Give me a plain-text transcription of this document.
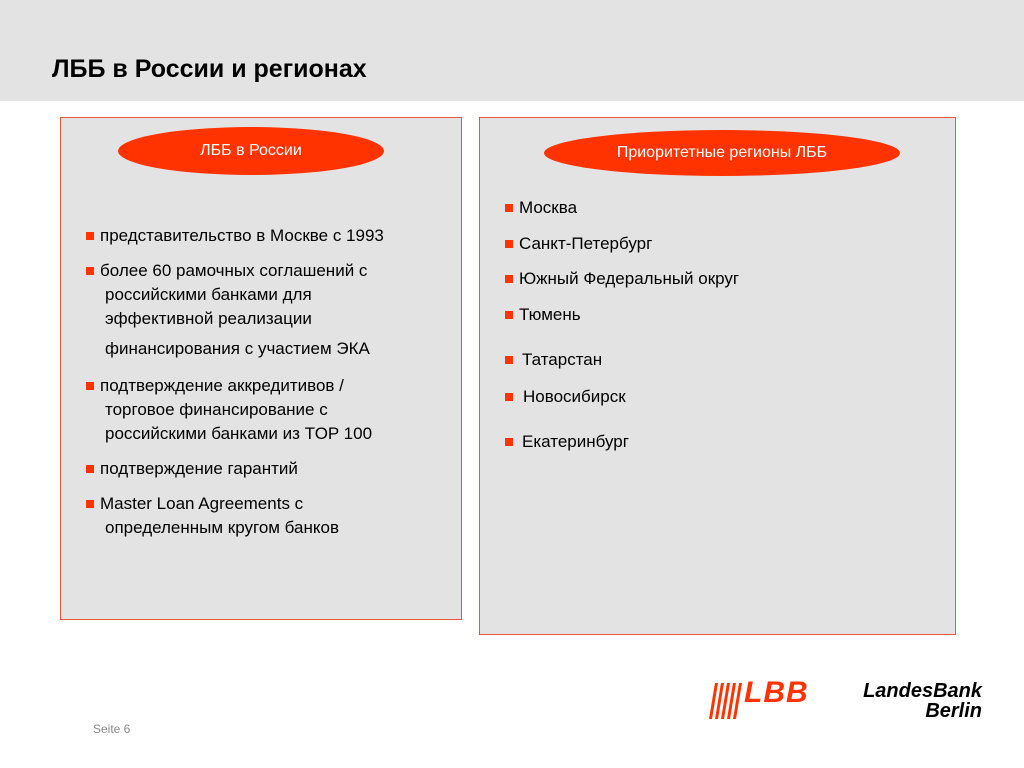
ЛББ в России и регионах
ЛББ в России
представительство в Москве с 1993
более 60 рамочных соглашений с
российскими банками для
эффективной реализации
финансирования с участием ЭКА
подтверждение аккредитивов /
торговое финансирование с
российскими банками из TOP 100
подтверждение гарантий
Master Loan Agreements с
определенным кругом банков
Приоритетные регионы ЛББ
Москва
Санкт-Петербург
Южный Федеральный округ
Тюмень
Татарстан
Новосибирск
Екатеринбург
Seite 6
LBB	LandesBank
Berlin
